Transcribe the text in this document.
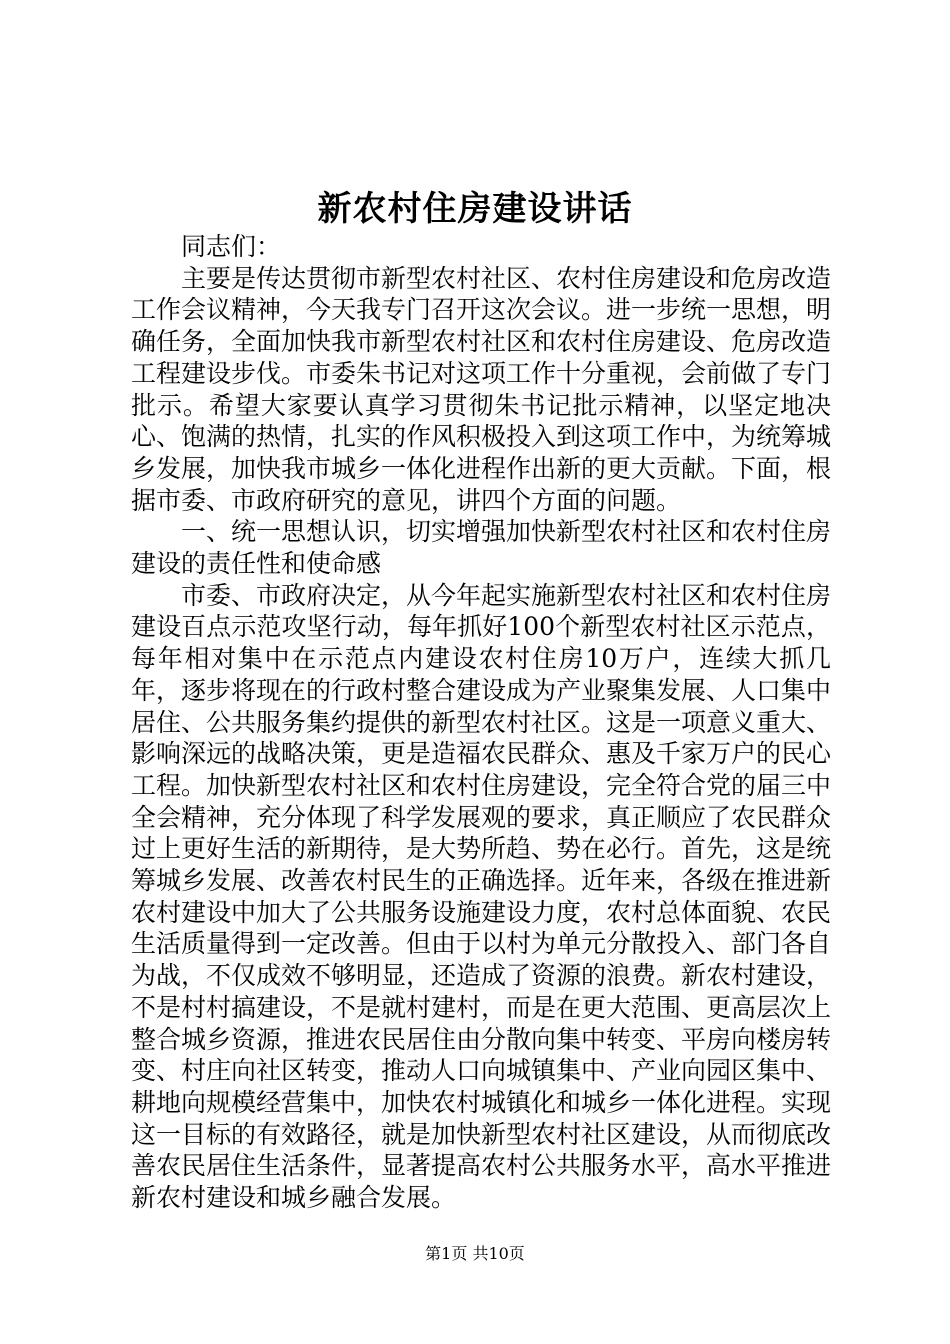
新农村住房建设讲话

同志们：

主要是传达贯彻市新型农村社区、农村住房建设和危房改造工作会议精神，今天我专门召开这次会议。进一步统一思想，明确任务，全面加快我市新型农村社区和农村住房建设、危房改造工程建设步伐。市委朱书记对这项工作十分重视，会前做了专门批示。希望大家要认真学习贯彻朱书记批示精神，以坚定地决心、饱满的热情，扎实的作风积极投入到这项工作中，为统筹城乡发展，加快我市城乡一体化进程作出新的更大贡献。下面，根据市委、市政府研究的意见，讲四个方面的问题。

一、统一思想认识，切实增强加快新型农村社区和农村住房建设的责任性和使命感

市委、市政府决定，从今年起实施新型农村社区和农村住房建设百点示范攻坚行动，每年抓好100个新型农村社区示范点，每年相对集中在示范点内建设农村住房10万户，连续大抓几年，逐步将现在的行政村整合建设成为产业聚集发展、人口集中居住、公共服务集约提供的新型农村社区。这是一项意义重大、影响深远的战略决策，更是造福农民群众、惠及千家万户的民心工程。加快新型农村社区和农村住房建设，完全符合党的届三中全会精神，充分体现了科学发展观的要求，真正顺应了农民群众过上更好生活的新期待，是大势所趋、势在必行。首先，这是统筹城乡发展、改善农村民生的正确选择。近年来，各级在推进新农村建设中加大了公共服务设施建设力度，农村总体面貌、农民生活质量得到一定改善。但由于以村为单元分散投入、部门各自为战，不仅成效不够明显，还造成了资源的浪费。新农村建设，不是村村搞建设，不是就村建村，而是在更大范围、更高层次上整合城乡资源，推进农民居住由分散向集中转变、平房向楼房转变、村庄向社区转变，推动人口向城镇集中、产业向园区集中、耕地向规模经营集中，加快农村城镇化和城乡一体化进程。实现这一目标的有效路径，就是加快新型农村社区建设，从而彻底改善农民居住生活条件，显著提高农村公共服务水平，高水平推进新农村建设和城乡融合发展。

第1页 共10页
